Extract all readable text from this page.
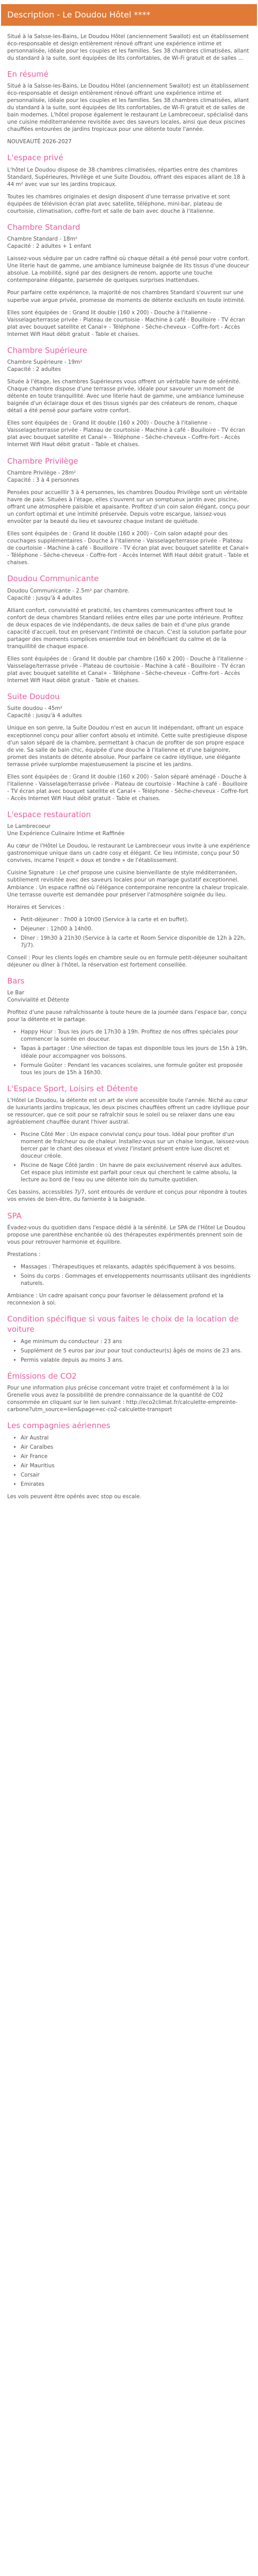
Description - Le Doudou Hôtel ****

Situé à la Salsse-les-Bains, Le Doudou Hôtel (anciennement Swallot) est un établissement éco-responsable et design entièrement rénové offrant une expérience intime et personnalisée, idéale pour les couples et les familles. Ses 38 chambres climatisées, allant du standard à la suite, sont équipées de lits confortables, de Wi-Fi gratuit et de salles ...

En résumé

Situé à la Salsse-les-Bains, Le Doudou Hôtel (anciennement Swallot) est un établissement éco-responsable et design entièrement rénové offrant une expérience intime et personnalisée, idéale pour les couples et les familles. Ses 38 chambres climatisées, allant du standard à la suite, sont équipées de lits confortables, de Wi-Fi gratuit et de salles de bain modernes. L'hôtel propose également le restaurant Le Lambrecoeur, spécialisé dans une cuisine méditerranéenne revisitée avec des saveurs locales, ainsi que deux piscines chauffées entourées de jardins tropicaux pour une détente toute l'année.

NOUVEAUTÉ 2026-2027

L'espace privé

L'hôtel Le Doudou dispose de 38 chambres climatisées, réparties entre des chambres Standard, Supérieures, Privilège et une Suite Doudou, offrant des espaces allant de 18 à 44 m² avec vue sur les jardins tropicaux.

Toutes les chambres originales et design disposent d'une terrasse privative et sont équipées de télévision écran plat avec satellite, téléphone, mini-bar, plateau de courtoisie, climatisation, coffre-fort et salle de bain avec douche à l'italienne.

Chambre Standard

Chambre Standard - 18m²
Capacité : 2 adultes + 1 enfant

Laissez-vous séduire par un cadre raffiné où chaque détail a été pensé pour votre confort. Une literie haut de gamme, une ambiance lumineuse baignée de lits tissus d'une douceur absolue. La mobilité, signé par des designers de renom, apporte une touche contemporaine élégante, parsemée de quelques surprises inattendues.

Pour parfaire cette expérience, la majorité de nos chambres Standard s'ouvrent sur une superbe vue argue privée, promesse de moments de détente exclusifs en toute intimité.

Elles sont équipées de : Grand lit double (160 x 200) - Douche à l'italienne - Vaisselage/terrasse privée - Plateau de courtoisie - Machine à café - Bouilloire - TV écran plat avec bouquet satellite et Canal+ - Téléphone - Sèche-cheveux - Coffre-fort - Accès Internet Wifi Haut débit gratuit - Table et chaises.

Chambre Supérieure

Chambre Supérieure - 19m²
Capacité : 2 adultes

Située à l'étage, les chambres Supérieures vous offrent un véritable havre de sérénité. Chaque chambre dispose d'une terrasse privée, idéale pour savourer un moment de détente en toute tranquillité. Avec une literie haut de gamme, une ambiance lumineuse baignée d'un éclairage doux et des tissus signés par des créateurs de renom, chaque détail a été pensé pour parfaire votre confort.

Elles sont équipées de : Grand lit double (160 x 200) - Douche à l'italienne - Vaisselage/terrasse privée - Plateau de courtoisie - Machine à café - Bouilloire - TV écran plat avec bouquet satellite et Canal+ - Téléphone - Sèche-cheveux - Coffre-fort - Accès Internet Wifi Haut débit gratuit - Table et chaises.

Chambre Privilège

Chambre Privilège - 28m²
Capacité : 3 à 4 personnes

Pensées pour accueillir 3 à 4 personnes, les chambres Doudou Privilège sont un véritable havre de paix. Situées à l'étage, elles s'ouvrent sur un somptueux jardin avec piscine, offrant une atmosphère paisible et apaisante. Profitez d'un coin salon élégant, conçu pour un confort optimal et une intimité préservée. Depuis votre escargue, laissez-vous envoûter par la beauté du lieu et savourez chaque instant de quiétude.

Elles sont équipées de : Grand lit double (160 x 200) - Coin salon adapté pour des couchages supplémentaires - Douche à l'italienne - Vaisselage/terrasse privée - Plateau de courtoisie - Machine à café - Bouilloire - TV écran plat avec bouquet satellite et Canal+ - Téléphone - Sèche-cheveux - Coffre-fort - Accès Internet Wifi Haut débit gratuit - Table et chaises.

Doudou Communicante

Doudou Communicante - 2.5m² par chambre.
Capacité : jusqu'à 4 adultes

Alliant confort, convivialité et praticité, les chambres communicantes offrent tout le confort de deux chambres Standard reliées entre elles par une porte intérieure. Profitez de deux espaces de vie indépendants, de deux salles de bain et d'une plus grande capacité d'accueil, tout en préservant l'intimité de chacun. C'est la solution parfaite pour partager des moments complices ensemble tout en bénéficiant du calme et de la tranquillité de chaque espace.

Elles sont équipées de : Grand lit double par chambre (160 x 200) - Douche à l'italienne - Vaisselage/terrasse privée - Plateau de courtoisie - Machine à café - Bouilloire - TV écran plat avec bouquet satellite et Canal+ - Téléphone - Sèche-cheveux - Coffre-fort - Accès Internet Wifi Haut débit gratuit - Table et chaises.

Suite Doudou

Suite doudou - 45m²
Capacité : jusqu'à 4 adultes

Unique en son genre, la Suite Doudou n'est en aucun lit indépendant, offrant un espace exceptionnel conçu pour allier confort absolu et intimité. Cette suite prestigieuse dispose d'un salon séparé de la chambre, permettant à chacun de profiter de son propre espace de vie. Sa salle de bain chic, équipée d'une douche à l'italienne et d'une baignoire, promet des instants de détente absolue. Pour parfaire ce cadre idyllique, une élégante terrasse privée surplombe majestueusement la piscine et les jardins.

Elles sont équipées de : Grand lit double (160 x 200) - Salon séparé aménagé - Douche à l'italienne - Vaisselage/terrasse privée - Plateau de courtoisie - Machine à café - Bouilloire - TV écran plat avec bouquet satellite et Canal+ - Téléphone - Sèche-cheveux - Coffre-fort - Accès Internet Wifi Haut débit gratuit - Table et chaises.

L'espace restauration

Le Lambrecoeur
Une Expérience Culinaire Intime et Raffinée

Au cœur de l'Hôtel Le Doudou, le restaurant Le Lambrecoeur vous invite à une expérience gastronomique unique dans un cadre cosy et élégant. Ce lieu intimiste, conçu pour 50 convives, incarne l'esprit « doux et tendre » de l'établissement.

Cuisine Signature : Le chef propose une cuisine bienveillante de style méditerranéen, subtilement revisitée avec des saveurs locales pour un mariage gustatif exceptionnel.
Ambiance : Un espace raffiné où l'élégance contemporaine rencontre la chaleur tropicale. Une terrasse ouverte est demandée pour préserver l'atmosphère soignée du lieu.

Horaires et Services :

• Petit-déjeuner : 7h00 à 10h00 (Service à la carte et en buffet).
• Déjeuner : 12h00 à 14h00.
• Dîner : 19h30 à 21h30 (Service à la carte et Room Service disponible de 12h à 22h, 7j/7).

Conseil : Pour les clients logés en chambre seule ou en formule petit-déjeuner souhaitant déjeuner ou dîner à l'hôtel, la réservation est fortement conseillée.

Bars

Le Bar
Convivialité et Détente

Profitez d'une pause rafraîchissante à toute heure de la journée dans l'espace bar, conçu pour la détente et le partage.

• Happy Hour : Tous les jours de 17h30 à 19h. Profitez de nos offres spéciales pour commencer la soirée en douceur.
• Tapas à partager : Une sélection de tapas est disponible tous les jours de 15h à 19h, idéale pour accompagner vos boissons.
• Formule Goûter : Pendant les vacances scolaires, une formule goûter est proposée tous les jours de 15h à 16h30.
L'Espace Sport, Loisirs et Détente

L'Hôtel Le Doudou, la détente est un art de vivre accessible toute l'année. Niché au cœur de luxuriants jardins tropicaux, les deux piscines chauffées offrent un cadre idyllique pour se ressourcer, que ce soit pour se rafraîchir sous le soleil ou se relaxer dans une eau agréablement chauffée durant l'hiver austral.

• Piscine Côté Mer : Un espace convivial conçu pour tous. Idéal pour profiter d'un moment de fraîcheur ou de chaleur. Installez-vous sur un chaise longue, laissez-vous bercer par le chant des oiseaux et vivez l'instant présent entre luxe discret et douceur créole.
• Piscine de Nage Côté Jardin : Un havre de paix exclusivement réservé aux adultes. Cet espace plus intimiste est parfait pour ceux qui cherchent le calme absolu, la lecture au bord de l'eau ou une détente loin du tumulte quotidien.

Ces bassins, accessibles 7j/7, sont entourés de verdure et conçus pour répondre à toutes vos envies de bien-être, du farniente à la baignade.

SPA

Évadez-vous du quotidien dans l'espace dédié à la sérénité. Le SPA de l'Hôtel Le Doudou propose une parenthèse enchantée où des thérapeutes expérimentés prennent soin de vous pour retrouver harmonie et équilibre.

Prestations :

• Massages : Thérapeutiques et relaxants, adaptés spécifiquement à vos besoins.
• Soins du corps : Gommages et enveloppements nourrissants utilisant des ingrédients naturels.

Ambiance : Un cadre apaisant conçu pour favoriser le délassement profond et la reconnexion à soi.

Condition spécifique si vous faites le choix de la location de voiture
• Age minimum du conducteur : 23 ans
• Supplément de 5 euros par jour pour tout conducteur(s) âgés de moins de 23 ans.
• Permis valable depuis au moins 3 ans.
Émissions de CO2

Pour une information plus précise concernant votre trajet et conformément à la loi Grenelle vous avez la possibilité de prendre connaissance de la quantité de CO2 consommée en cliquant sur le lien suivant : http://eco2climat.fr/calculette-empreinte-carbone?utm_source=lien&page=ec-co2-calculette-transport

Les compagnies aériennes
• Air Austral
• Air Caraïbes
• Air France
• Air Mauritius
• Corsair
• Emirates

Les vols peuvent être opérés avec stop ou escale.
